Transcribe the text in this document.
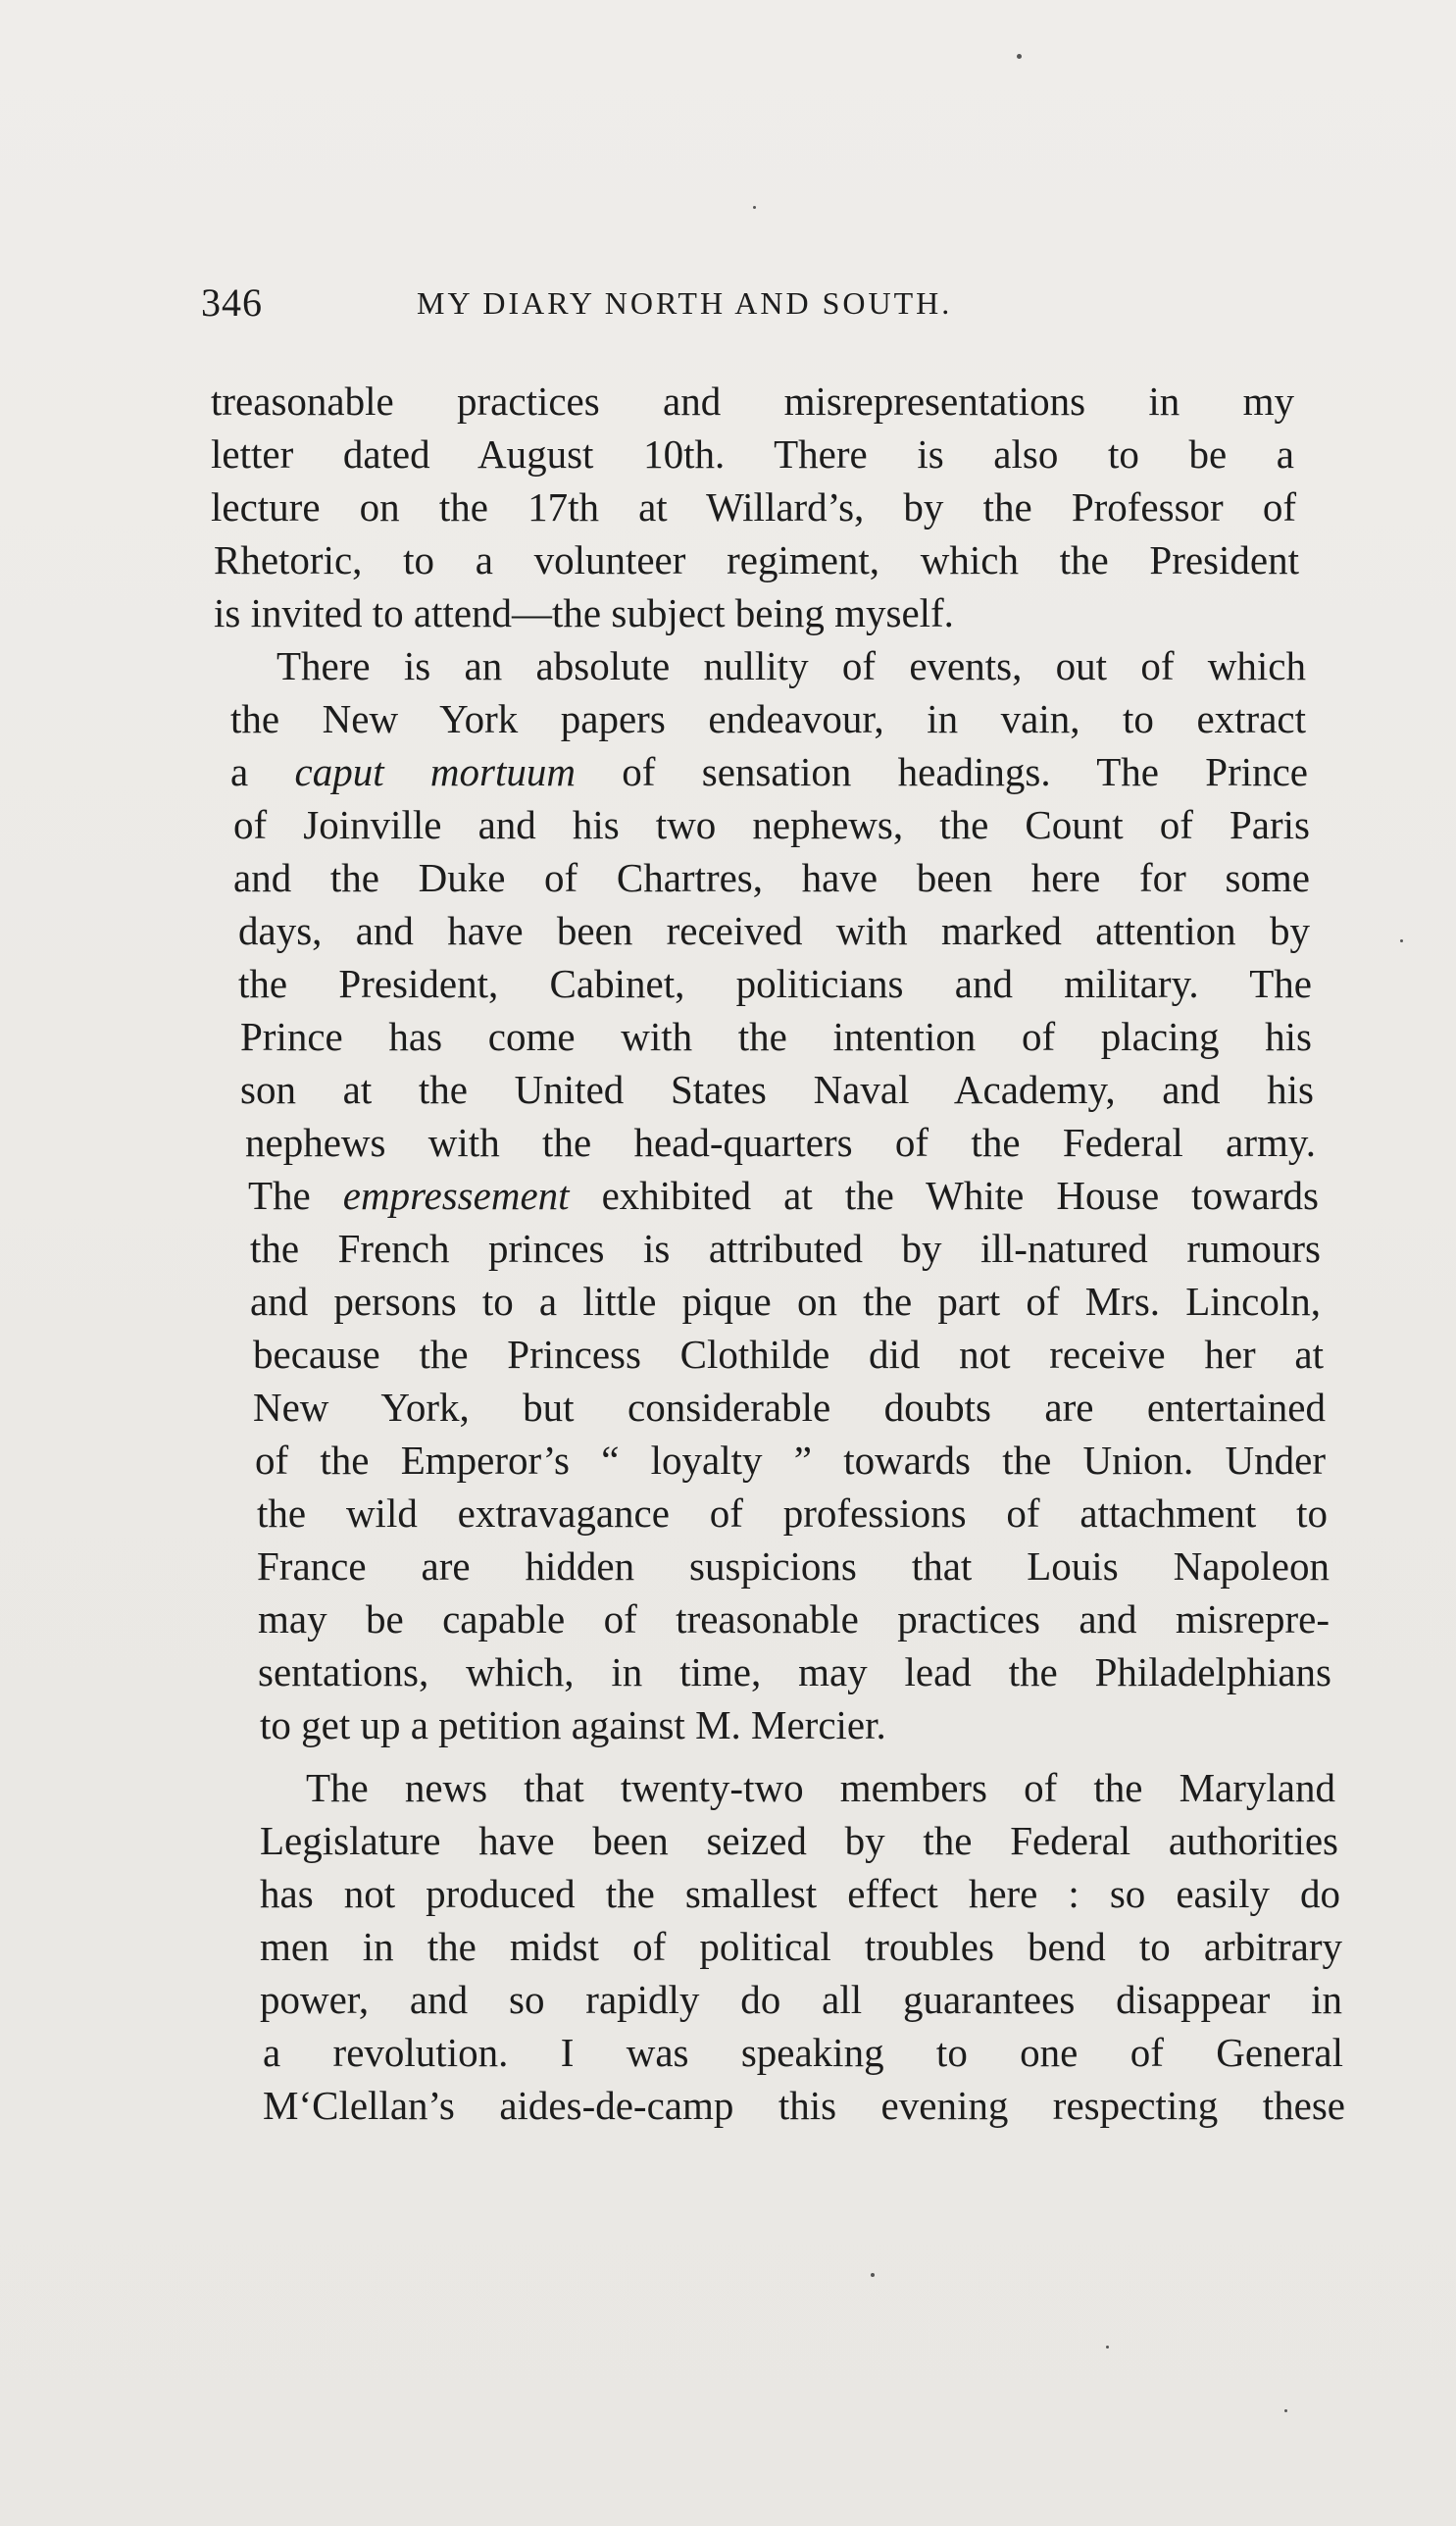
346	MY DIARY NORTH AND SOUTH.
treasonable practices and misrepresentations in my
letter dated August 10th. There is also to be a
lecture on the 17th at Willard’s, by the Professor of
Rhetoric, to a volunteer regiment, which the President
is invited to attend—the subject being myself.
There is an absolute nullity of events, out of which
the New York papers endeavour, in vain, to extract
a caput mortuum of sensation headings. The Prince
of Joinville and his two nephews, the Count of Paris
and the Duke of Chartres, have been here for some
days, and have been received with marked attention by
the President, Cabinet, politicians and military. The
Prince has come with the intention of placing his
son at the United States Naval Academy, and his
nephews with the head-quarters of the Federal army.
The empressement exhibited at the White House towards
the French princes is attributed by ill-natured rumours
and persons to a little pique on the part of Mrs. Lincoln,
because the Princess Clothilde did not receive her at
New York, but considerable doubts are entertained
of the Emperor’s “ loyalty ” towards the Union. Under
the wild extravagance of professions of attachment to
France are hidden suspicions that Louis Napoleon
may be capable of treasonable practices and misrepre-
sentations, which, in time, may lead the Philadelphians
to get up a petition against M. Mercier.
The news that twenty-two members of the Maryland
Legislature have been seized by the Federal authorities
has not produced the smallest effect here : so easily do
men in the midst of political troubles bend to arbitrary
power, and so rapidly do all guarantees disappear in
a revolution. I was speaking to one of General
M‘Clellan’s aides-de-camp this evening respecting these
